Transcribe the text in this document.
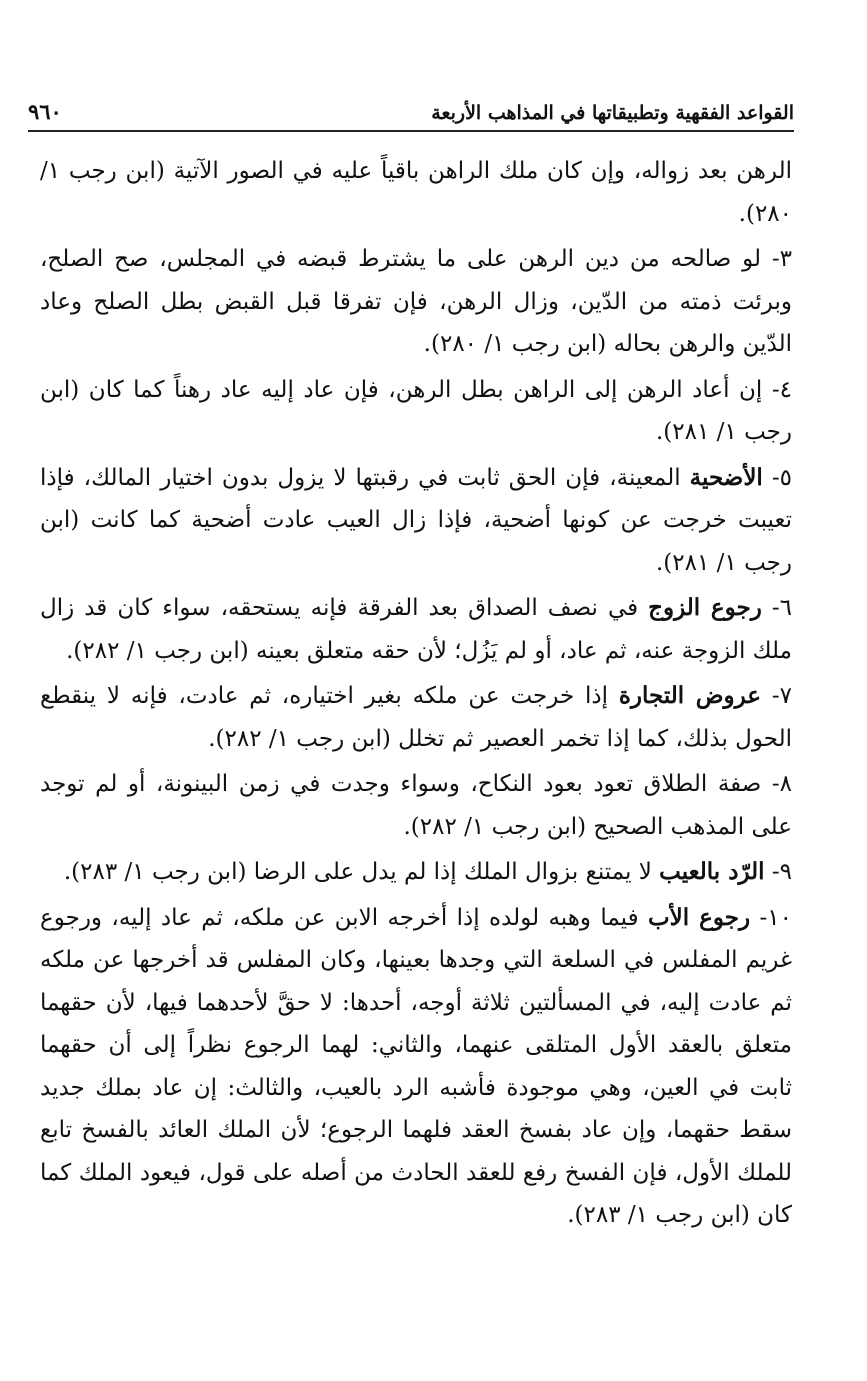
القواعد الفقهية وتطبيقاتها في المذاهب الأربعة
٩٦٠

الرهن بعد زواله، وإن كان ملك الراهن باقياً عليه في الصور الآتية (ابن رجب ١/ ٢٨٠).

٣- لو صالحه من دين الرهن على ما يشترط قبضه في المجلس، صح الصلح، وبرئت ذمته من الدّين، وزال الرهن، فإن تفرقا قبل القبض بطل الصلح وعاد الدّين والرهن بحاله (ابن رجب ١/ ٢٨٠).

٤- إن أعاد الرهن إلى الراهن بطل الرهن، فإن عاد إليه عاد رهناً كما كان (ابن رجب ١/ ٢٨١).

٥- الأضحية المعينة، فإن الحق ثابت في رقبتها لا يزول بدون اختيار المالك، فإذا تعيبت خرجت عن كونها أضحية، فإذا زال العيب عادت أضحية كما كانت (ابن رجب ١/ ٢٨١).

٦- رجوع الزوج في نصف الصداق بعد الفرقة فإنه يستحقه، سواء كان قد زال ملك الزوجة عنه، ثم عاد، أو لم يَزُل؛ لأن حقه متعلق بعينه (ابن رجب ١/ ٢٨٢).

٧- عروض التجارة إذا خرجت عن ملكه بغير اختياره، ثم عادت، فإنه لا ينقطع الحول بذلك، كما إذا تخمر العصير ثم تخلل (ابن رجب ١/ ٢٨٢).

٨- صفة الطلاق تعود بعود النكاح، وسواء وجدت في زمن البينونة، أو لم توجد على المذهب الصحيح (ابن رجب ١/ ٢٨٢).

٩- الرّد بالعيب لا يمتنع بزوال الملك إذا لم يدل على الرضا (ابن رجب ١/ ٢٨٣).

١٠- رجوع الأب فيما وهبه لولده إذا أخرجه الابن عن ملكه، ثم عاد إليه، ورجوع غريم المفلس في السلعة التي وجدها بعينها، وكان المفلس قد أخرجها عن ملكه ثم عادت إليه، في المسألتين ثلاثة أوجه، أحدها: لا حقَّ لأحدهما فيها، لأن حقهما متعلق بالعقد الأول المتلقى عنهما، والثاني: لهما الرجوع نظراً إلى أن حقهما ثابت في العين، وهي موجودة فأشبه الرد بالعيب، والثالث: إن عاد بملك جديد سقط حقهما، وإن عاد بفسخ العقد فلهما الرجوع؛ لأن الملك العائد بالفسخ تابع للملك الأول، فإن الفسخ رفع للعقد الحادث من أصله على قول، فيعود الملك كما كان (ابن رجب ١/ ٢٨٣).
